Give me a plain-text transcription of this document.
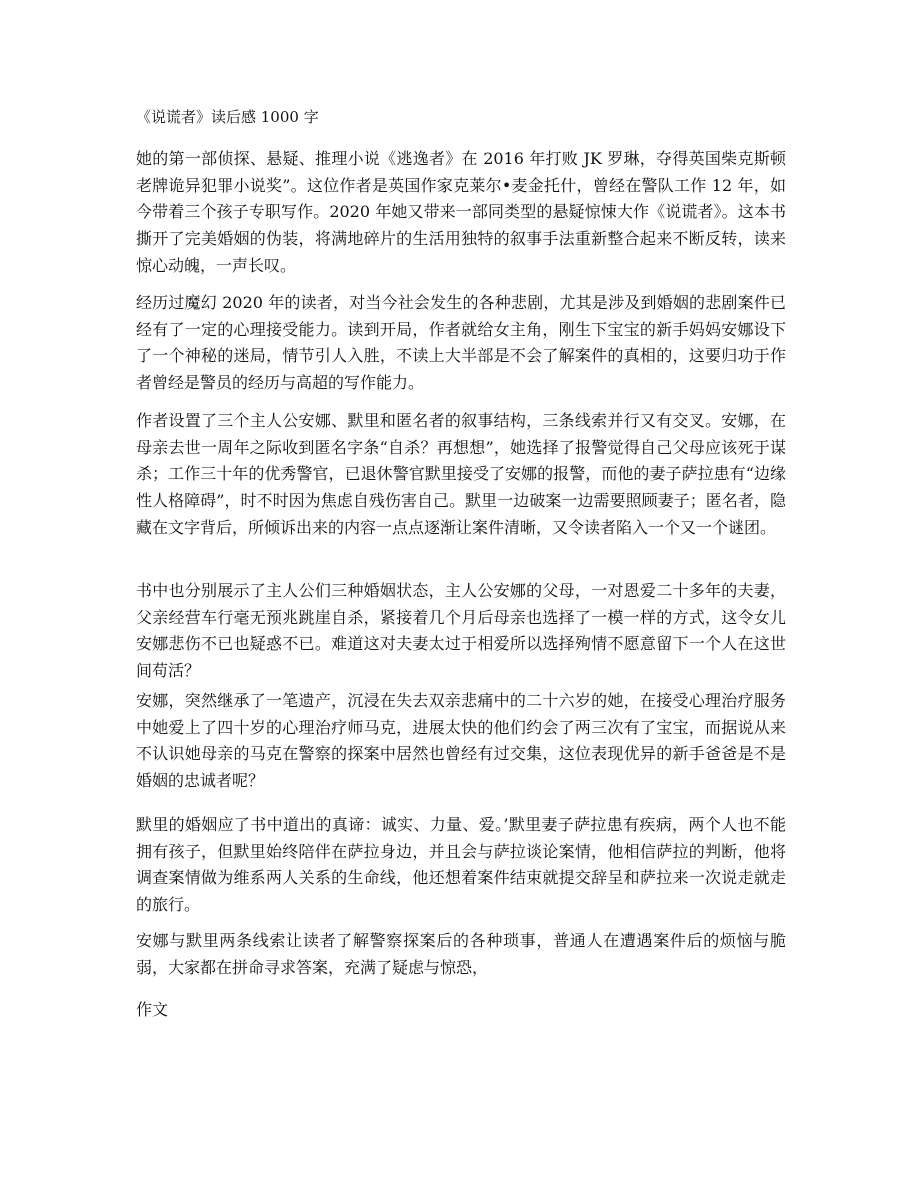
《说谎者》读后感 1000 字

她的第一部侦探、悬疑、推理小说《逃逸者》在 2016 年打败 JK 罗琳，夺得英国柴克斯顿老牌诡异犯罪小说奖”。这位作者是英国作家克莱尔•麦金托什，曾经在警队工作 12 年，如今带着三个孩子专职写作。2020 年她又带来一部同类型的悬疑惊悚大作《说谎者》。这本书撕开了完美婚姻的伪装，将满地碎片的生活用独特的叙事手法重新整合起来不断反转，读来惊心动魄，一声长叹。

经历过魔幻 2020 年的读者，对当今社会发生的各种悲剧，尤其是涉及到婚姻的悲剧案件已经有了一定的心理接受能力。读到开局，作者就给女主角，刚生下宝宝的新手妈妈安娜设下了一个神秘的迷局，情节引人入胜，不读上大半部是不会了解案件的真相的，这要归功于作者曾经是警员的经历与高超的写作能力。

作者设置了三个主人公安娜、默里和匿名者的叙事结构，三条线索并行又有交叉。安娜，在母亲去世一周年之际收到匿名字条“自杀？再想想”，她选择了报警觉得自己父母应该死于谋杀；工作三十年的优秀警官，已退休警官默里接受了安娜的报警，而他的妻子萨拉患有“边缘性人格障碍”，时不时因为焦虑自残伤害自己。默里一边破案一边需要照顾妻子；匿名者，隐藏在文字背后，所倾诉出来的内容一点点逐渐让案件清晰，又令读者陷入一个又一个谜团。

书中也分别展示了主人公们三种婚姻状态，主人公安娜的父母，一对恩爱二十多年的夫妻，父亲经营车行毫无预兆跳崖自杀，紧接着几个月后母亲也选择了一模一样的方式，这令女儿安娜悲伤不已也疑惑不已。难道这对夫妻太过于相爱所以选择殉情不愿意留下一个人在这世间苟活？

安娜，突然继承了一笔遗产，沉浸在失去双亲悲痛中的二十六岁的她，在接受心理治疗服务中她爱上了四十岁的心理治疗师马克，进展太快的他们约会了两三次有了宝宝，而据说从来不认识她母亲的马克在警察的探案中居然也曾经有过交集，这位表现优异的新手爸爸是不是婚姻的忠诚者呢？

默里的婚姻应了书中道出的真谛：诚实、力量、爱。’默里妻子萨拉患有疾病，两个人也不能拥有孩子，但默里始终陪伴在萨拉身边，并且会与萨拉谈论案情，他相信萨拉的判断，他将调查案情做为维系两人关系的生命线，他还想着案件结束就提交辞呈和萨拉来一次说走就走的旅行。

安娜与默里两条线索让读者了解警察探案后的各种琐事，普通人在遭遇案件后的烦恼与脆弱，大家都在拼命寻求答案，充满了疑虑与惊恐，

作文
